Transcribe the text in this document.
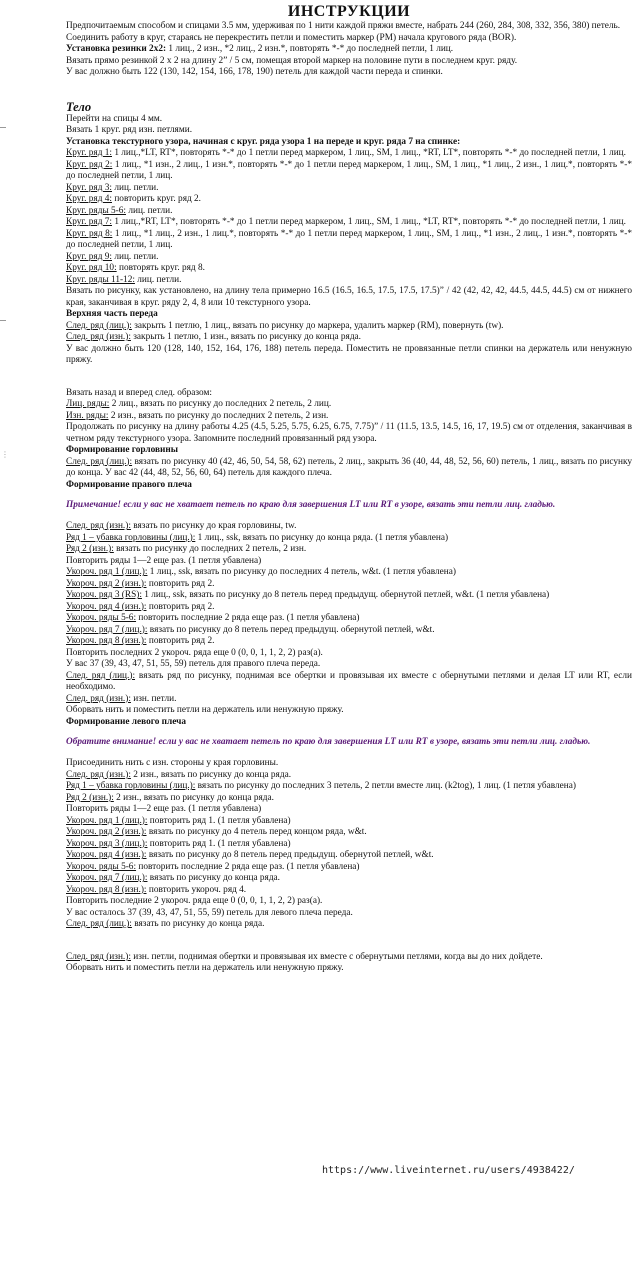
⋮
ИНСТРУКЦИИ

Предпочитаемым способом и спицами 3.5 мм, удерживая по 1 нити каждой пряжи вместе, набрать 244 (260, 284, 308, 332, 356, 380) петель.

Соединить работу в круг, стараясь не перекрестить петли и поместить маркер (PM) начала кругового ряда (BOR).

Установка резинки 2x2: 1 лиц., 2 изн., *2 лиц., 2 изн.*, повторять *-* до последней петли, 1 лиц.

Вязать прямо резинкой 2 x 2 на длину 2” / 5 см, помещая второй маркер на половине пути в последнем круг. ряду.

У вас должно быть 122 (130, 142, 154, 166, 178, 190) петель для каждой части переда и спинки.

Тело

Перейти на спицы 4 мм.

Вязать 1 круг. ряд изн. петлями.

Установка текстурного узора, начиная с круг. ряда узора 1 на переде и круг. ряда 7 на спинке:

Круг. ряд 1: 1 лиц.,*LT, RT*, повторять *-* до 1 петли перед маркером, 1 лиц., SM, 1 лиц., *RT, LT*, повторять *-* до последней петли, 1 лиц.

Круг. ряд 2: 1 лиц., *1 изн., 2 лиц., 1 изн.*, повторять *-* до 1 петли перед маркером, 1 лиц., SM, 1 лиц., *1 лиц., 2 изн., 1 лиц.*, повторять *-* до последней петли, 1 лиц.

Круг. ряд 3: лиц. петли.

Круг. ряд 4: повторить круг. ряд 2.

Круг. ряды 5-6: лиц. петли.

Круг. ряд 7: 1 лиц.,*RT, LT*, повторять *-* до 1 петли перед маркером, 1 лиц., SM, 1 лиц., *LT, RT*, повторять *-* до последней петли, 1 лиц.

Круг. ряд 8: 1 лиц., *1 лиц., 2 изн., 1 лиц.*, повторять *-* до 1 петли перед маркером, 1 лиц., SM, 1 лиц., *1 изн., 2 лиц., 1 изн.*, повторять *-* до последней петли, 1 лиц.

Круг. ряд 9: лиц. петли.

Круг. ряд 10: повторять круг. ряд 8.

Круг. ряды 11-12: лиц. петли.

Вязать по рисунку, как установлено, на длину тела примерно 16.5 (16.5, 16.5, 17.5, 17.5, 17.5)” / 42 (42, 42, 42, 44.5, 44.5, 44.5) см от нижнего края, заканчивая в круг. ряду 2, 4, 8 или 10 текстурного узора.

Верхняя часть переда

След. ряд (лиц.): закрыть 1 петлю, 1 лиц., вязать по рисунку до маркера, удалить маркер (RM), повернуть (tw).

След. ряд (изн.): закрыть 1 петлю, 1 изн., вязать по рисунку до конца ряда.

У вас должно быть 120 (128, 140, 152, 164, 176, 188) петель переда. Поместить не провязанные петли спинки на держатель или ненужную пряжу.

Вязать назад и вперед след. образом:

Лиц. ряды: 2 лиц., вязать по рисунку до последних 2 петель, 2 лиц.

Изн. ряды: 2 изн., вязать по рисунку до последних 2 петель, 2 изн.

Продолжать по рисунку на длину работы 4.25 (4.5, 5.25, 5.75, 6.25, 6.75, 7.75)” / 11 (11.5, 13.5, 14.5, 16, 17, 19.5) см от отделения, заканчивая в четном ряду текстурного узора. Запомните последний провязанный ряд узора.

Формирование горловины

След. ряд (лиц.): вязать по рисунку 40 (42, 46, 50, 54, 58, 62) петель, 2 лиц., закрыть 36 (40, 44, 48, 52, 56, 60) петель, 1 лиц., вязать по рисунку до конца. У вас 42 (44, 48, 52, 56, 60, 64) петель для каждого плеча.

Формирование правого плеча

Примечание! если у вас не хватает петель по краю для завершения LT или RT в узоре, вязать эти петли лиц. гладью.

След. ряд (изн.): вязать по рисунку до края горловины, tw.

Ряд 1 – убавка горловины (лиц.): 1 лиц., ssk, вязать по рисунку до конца ряда. (1 петля убавлена)

Ряд 2 (изн.): вязать по рисунку до последних 2 петель, 2 изн.

Повторить ряды 1—2 еще раз. (1 петля убавлена)

Укороч. ряд 1 (лиц.): 1 лиц., ssk, вязать по рисунку до последних 4 петель, w&t. (1 петля убавлена)

Укороч. ряд 2 (изн.): повторить ряд 2.

Укороч. ряд 3 (RS): 1 лиц., ssk, вязать по рисунку до 8 петель перед предыдущ. обернутой петлей, w&t. (1 петля убавлена)

Укороч. ряд 4 (изн.): повторить ряд 2.

Укороч. ряды 5-6: повторить последние 2 ряда еще раз. (1 петля убавлена)

Укороч. ряд 7 (лиц.): вязать по рисунку до 8 петель перед предыдущ. обернутой петлей, w&t.

Укороч. ряд 8 (изн.): повторить ряд 2.

Повторить последних 2 укороч. ряда еще 0 (0, 0, 1, 1, 2, 2) раз(а).

У вас 37 (39, 43, 47, 51, 55, 59) петель для правого плеча переда.

След. ряд (лиц.): вязать ряд по рисунку, поднимая все обертки и провязывая их вместе с обернутыми петлями и делая LT или RT, если необходимо.

След. ряд (изн.): изн. петли.

Оборвать нить и поместить петли на держатель или ненужную пряжу.

Формирование левого плеча

Обратите внимание! если у вас не хватает петель по краю для завершения LT или RT в узоре, вязать эти петли лиц. гладью.

Присоединить нить с изн. стороны у края горловины.

След. ряд (изн.): 2 изн., вязать по рисунку до конца ряда.

Ряд 1 – убавка горловины (лиц.): вязать по рисунку до последних 3 петель, 2 петли вместе лиц. (k2tog), 1 лиц. (1 петля убавлена)

Ряд 2 (изн.): 2 изн., вязать по рисунку до конца ряда.

Повторить ряды 1—2 еще раз. (1 петля убавлена)

Укороч. ряд 1 (лиц.): повторить ряд 1. (1 петля убавлена)

Укороч. ряд 2 (изн.): вязать по рисунку до 4 петель перед концом ряда, w&t.

Укороч. ряд 3 (лиц.): повторить ряд 1. (1 петля убавлена)

Укороч. ряд 4 (изн.): вязать по рисунку до 8 петель перед предыдущ. обернутой петлей, w&t.

Укороч. ряды 5-6: повторить последние 2 ряда еще раз. (1 петля убавлена)

Укороч. ряд 7 (лиц.): вязать по рисунку до конца ряда.

Укороч. ряд 8 (изн.): повторить укороч. ряд 4.

Повторить последние 2 укороч. ряда еще 0 (0, 0, 1, 1, 2, 2) раз(а).

У вас осталось 37 (39, 43, 47, 51, 55, 59) петель для левого плеча переда.

След. ряд (лиц.): вязать по рисунку до конца ряда.

След. ряд (изн.): изн. петли, поднимая обертки и провязывая их вместе с обернутыми петлями, когда вы до них дойдете.

Оборвать нить и поместить петли на держатель или ненужную пряжу.

https://www.liveinternet.ru/users/4938422/
